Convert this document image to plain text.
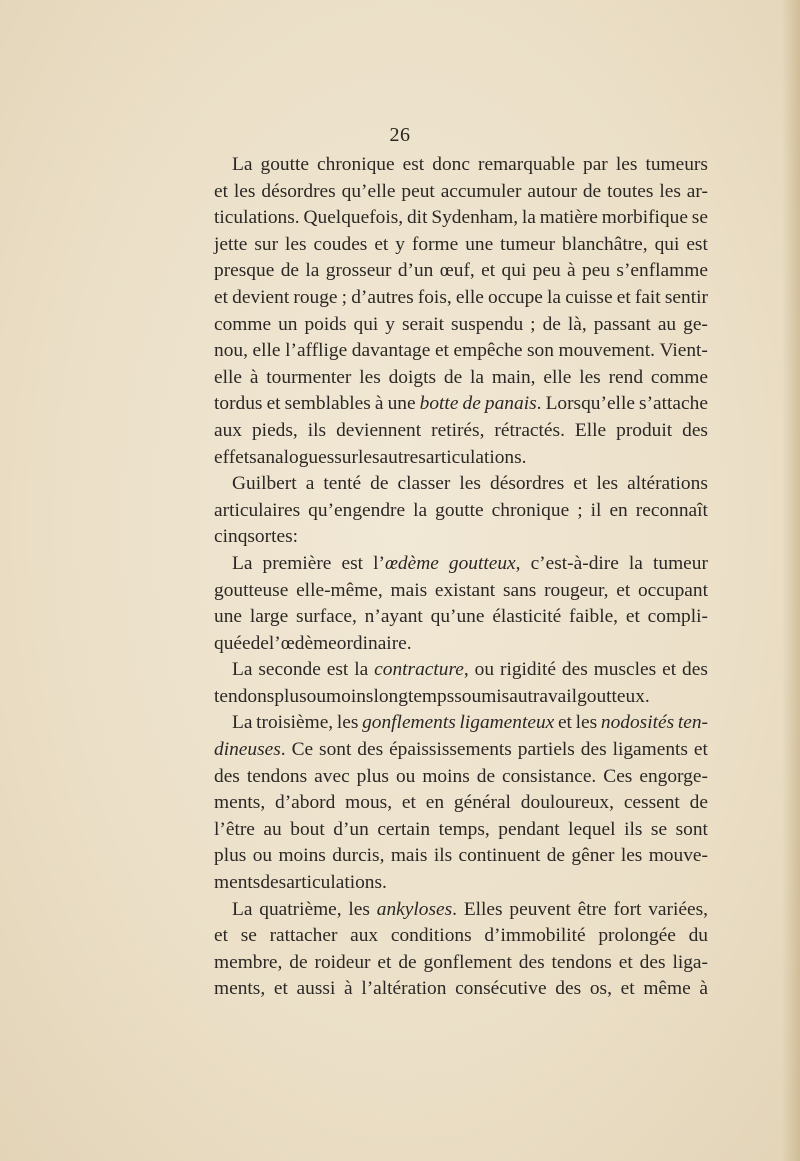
26
La goutte chronique est donc remarquable par les tumeurs
et les désordres qu’elle peut accumuler autour de toutes les ar-
ticulations. Quelquefois, dit Sydenham, la matière morbifique se
jette sur les coudes et y forme une tumeur blanchâtre, qui est
presque de la grosseur d’un œuf, et qui peu à peu s’enflamme
et devient rouge ; d’autres fois, elle occupe la cuisse et fait sentir
comme un poids qui y serait suspendu ; de là, passant au ge-
nou, elle l’afflige davantage et empêche son mouvement. Vient-
elle à tourmenter les doigts de la main, elle les rend comme
tordus et semblables à une botte de panais. Lorsqu’elle s’attache
aux pieds, ils deviennent retirés, rétractés. Elle produit des
effets analogues sur les autres articulations.
Guilbert a tenté de classer les désordres et les altérations
articulaires qu’engendre la goutte chronique ; il en reconnaît
cinq sortes :
La première est l’œdème goutteux, c’est-à-dire la tumeur
goutteuse elle-même, mais existant sans rougeur, et occupant
une large surface, n’ayant qu’une élasticité faible, et compli-
quée de l’œdème ordinaire.
La seconde est la contracture, ou rigidité des muscles et des
tendons plus ou moins longtemps soumis au travail goutteux.
La troisième, les gonflements ligamenteux et les nodosités ten-
dineuses. Ce sont des épaississements partiels des ligaments et
des tendons avec plus ou moins de consistance. Ces engorge-
ments, d’abord mous, et en général douloureux, cessent de
l’être au bout d’un certain temps, pendant lequel ils se sont
plus ou moins durcis, mais ils continuent de gêner les mouve-
ments des articulations.
La quatrième, les ankyloses. Elles peuvent être fort variées,
et se rattacher aux conditions d’immobilité prolongée du
membre, de roideur et de gonflement des tendons et des liga-
ments, et aussi à l’altération consécutive des os, et même à
